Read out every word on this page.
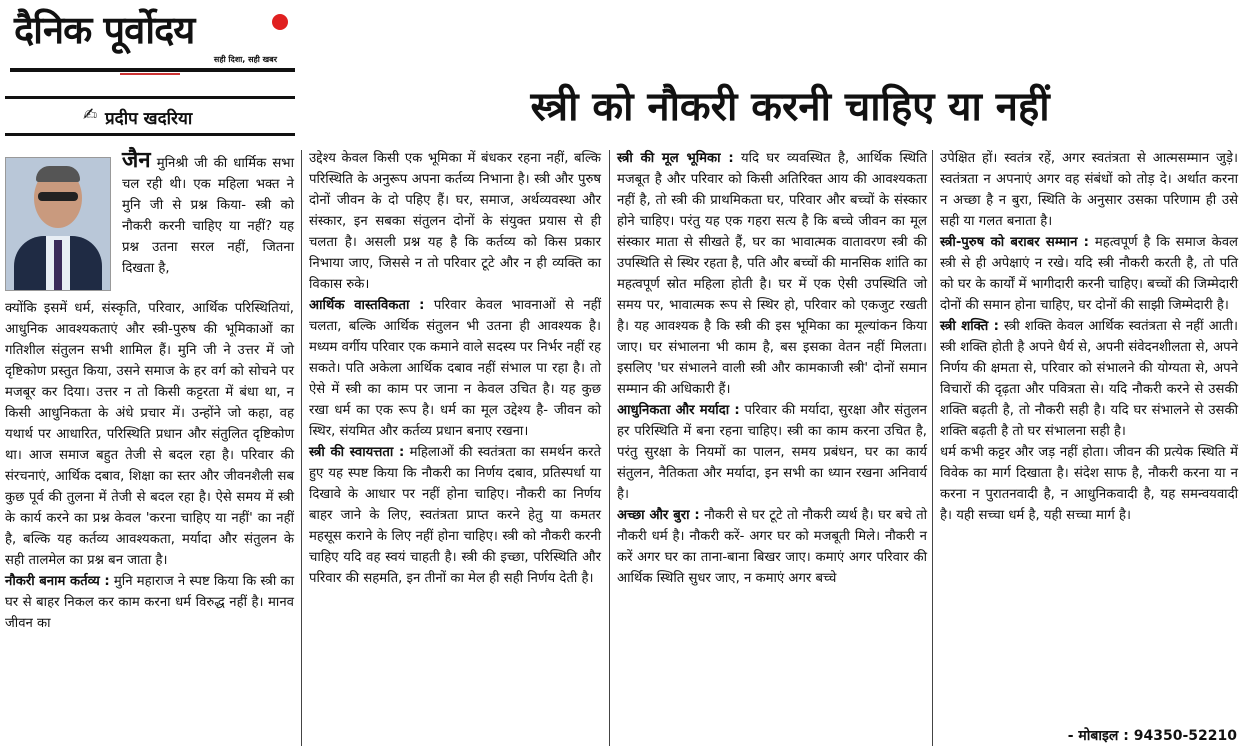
दैनिक पूर्वोदय
सही दिशा, सही खबर
✍ प्रदीप खदरिया	स्त्री को नौकरी करनी चाहिए या नहीं

जैन मुनिश्री जी की धार्मिक सभा चल रही थी। एक महिला भक्त ने मुनि जी से प्रश्न किया- स्त्री को नौकरी करनी चाहिए या नहीं? यह प्रश्न उतना सरल नहीं, जितना दिखता है,

क्योंकि इसमें धर्म, संस्कृति, परिवार, आर्थिक परिस्थितियां, आधुनिक आवश्यकताएं और स्त्री-पुरुष की भूमिकाओं का गतिशील संतुलन सभी शामिल हैं। मुनि जी ने उत्तर में जो दृष्टिकोण प्रस्तुत किया, उसने समाज के हर वर्ग को सोचने पर मजबूर कर दिया। उत्तर न तो किसी कट्टरता में बंधा था, न किसी आधुनिकता के अंधे प्रचार में। उन्होंने जो कहा, वह यथार्थ पर आधारित, परिस्थिति प्रधान और संतुलित दृष्टिकोण था। आज समाज बहुत तेजी से बदल रहा है। परिवार की संरचनाएं, आर्थिक दबाव, शिक्षा का स्तर और जीवनशैली सब कुछ पूर्व की तुलना में तेजी से बदल रहा है। ऐसे समय में स्त्री के कार्य करने का प्रश्न केवल 'करना चाहिए या नहीं' का नहीं है, बल्कि यह कर्तव्य आवश्यकता, मर्यादा और संतुलन के सही तालमेल का प्रश्न बन जाता है।

नौकरी बनाम कर्तव्य : मुनि महाराज ने स्पष्ट किया कि स्त्री का घर से बाहर निकल कर काम करना धर्म विरुद्ध नहीं है। मानव जीवन का

उद्देश्य केवल किसी एक भूमिका में बंधकर रहना नहीं, बल्कि परिस्थिति के अनुरूप अपना कर्तव्य निभाना है। स्त्री और पुरुष दोनों जीवन के दो पहिए हैं। घर, समाज, अर्थव्यवस्था और संस्कार, इन सबका संतुलन दोनों के संयुक्त प्रयास से ही चलता है। असली प्रश्न यह है कि कर्तव्य को किस प्रकार निभाया जाए, जिससे न तो परिवार टूटे और न ही व्यक्ति का विकास रुके।

आर्थिक वास्तविकता : परिवार केवल भावनाओं से नहीं चलता, बल्कि आर्थिक संतुलन भी उतना ही आवश्यक है। मध्यम वर्गीय परिवार एक कमाने वाले सदस्य पर निर्भर नहीं रह सकते। पति अकेला आर्थिक दबाव नहीं संभाल पा रहा है। तो ऐसे में स्त्री का काम पर जाना न केवल उचित है। यह कुछ रखा धर्म का एक रूप है। धर्म का मूल उद्देश्य है- जीवन को स्थिर, संयमित और कर्तव्य प्रधान बनाए रखना।

स्त्री की स्वायत्तता : महिलाओं की स्वतंत्रता का समर्थन करते हुए यह स्पष्ट किया कि नौकरी का निर्णय दबाव, प्रतिस्पर्धा या दिखावे के आधार पर नहीं होना चाहिए। नौकरी का निर्णय बाहर जाने के लिए, स्वतंत्रता प्राप्त करने हेतु या कमतर महसूस कराने के लिए नहीं होना चाहिए। स्त्री को नौकरी करनी चाहिए यदि वह स्वयं चाहती है। स्त्री की इच्छा, परिस्थिति और परिवार की सहमति, इन तीनों का मेल ही सही निर्णय देती है।

स्त्री की मूल भूमिका : यदि घर व्यवस्थित है, आर्थिक स्थिति मजबूत है और परिवार को किसी अतिरिक्त आय की आवश्यकता नहीं है, तो स्त्री की प्राथमिकता घर, परिवार और बच्चों के संस्कार होने चाहिए। परंतु यह एक गहरा सत्य है कि बच्चे जीवन का मूल संस्कार माता से सीखते हैं, घर का भावात्मक वातावरण स्त्री की उपस्थिति से स्थिर रहता है, पति और बच्चों की मानसिक शांति का महत्वपूर्ण स्रोत महिला होती है। घर में एक ऐसी उपस्थिति जो समय पर, भावात्मक रूप से स्थिर हो, परिवार को एकजुट रखती है। यह आवश्यक है कि स्त्री की इस भूमिका का मूल्यांकन किया जाए। घर संभालना भी काम है, बस इसका वेतन नहीं मिलता। इसलिए 'घर संभालने वाली स्त्री और कामकाजी स्त्री' दोनों समान सम्मान की अधिकारी हैं।

आधुनिकता और मर्यादा : परिवार की मर्यादा, सुरक्षा और संतुलन हर परिस्थिति में बना रहना चाहिए। स्त्री का काम करना उचित है, परंतु सुरक्षा के नियमों का पालन, समय प्रबंधन, घर का कार्य संतुलन, नैतिकता और मर्यादा, इन सभी का ध्यान रखना अनिवार्य है।

अच्छा और बुरा : नौकरी से घर टूटे तो नौकरी व्यर्थ है। घर बचे तो नौकरी धर्म है। नौकरी करें- अगर घर को मजबूती मिले। नौकरी न करें अगर घर का ताना-बाना बिखर जाए। कमाएं अगर परिवार की आर्थिक स्थिति सुधर जाए, न कमाएं अगर बच्चे

उपेक्षित हों। स्वतंत्र रहें, अगर स्वतंत्रता से आत्मसम्मान जुड़े। स्वतंत्रता न अपनाएं अगर वह संबंधों को तोड़ दे। अर्थात करना न अच्छा है न बुरा, स्थिति के अनुसार उसका परिणाम ही उसे सही या गलत बनाता है।

स्त्री-पुरुष को बराबर सम्मान : महत्वपूर्ण है कि समाज केवल स्त्री से ही अपेक्षाएं न रखे। यदि स्त्री नौकरी करती है, तो पति को घर के कार्यों में भागीदारी करनी चाहिए। बच्चों की जिम्मेदारी दोनों की समान होना चाहिए, घर दोनों की साझी जिम्मेदारी है।

स्त्री शक्ति : स्त्री शक्ति केवल आर्थिक स्वतंत्रता से नहीं आती। स्त्री शक्ति होती है अपने धैर्य से, अपनी संवेदनशीलता से, अपने निर्णय की क्षमता से, परिवार को संभालने की योग्यता से, अपने विचारों की दृढ़ता और पवित्रता से। यदि नौकरी करने से उसकी शक्ति बढ़ती है, तो नौकरी सही है। यदि घर संभालने से उसकी शक्ति बढ़ती है तो घर संभालना सही है।

धर्म कभी कट्टर और जड़ नहीं होता। जीवन की प्रत्येक स्थिति में विवेक का मार्ग दिखाता है। संदेश साफ है, नौकरी करना या न करना न पुरातनवादी है, न आधुनिकवादी है, यह समन्वयवादी है। यही सच्चा धर्म है, यही सच्चा मार्ग है।

- मोबाइल : 94350-52210
